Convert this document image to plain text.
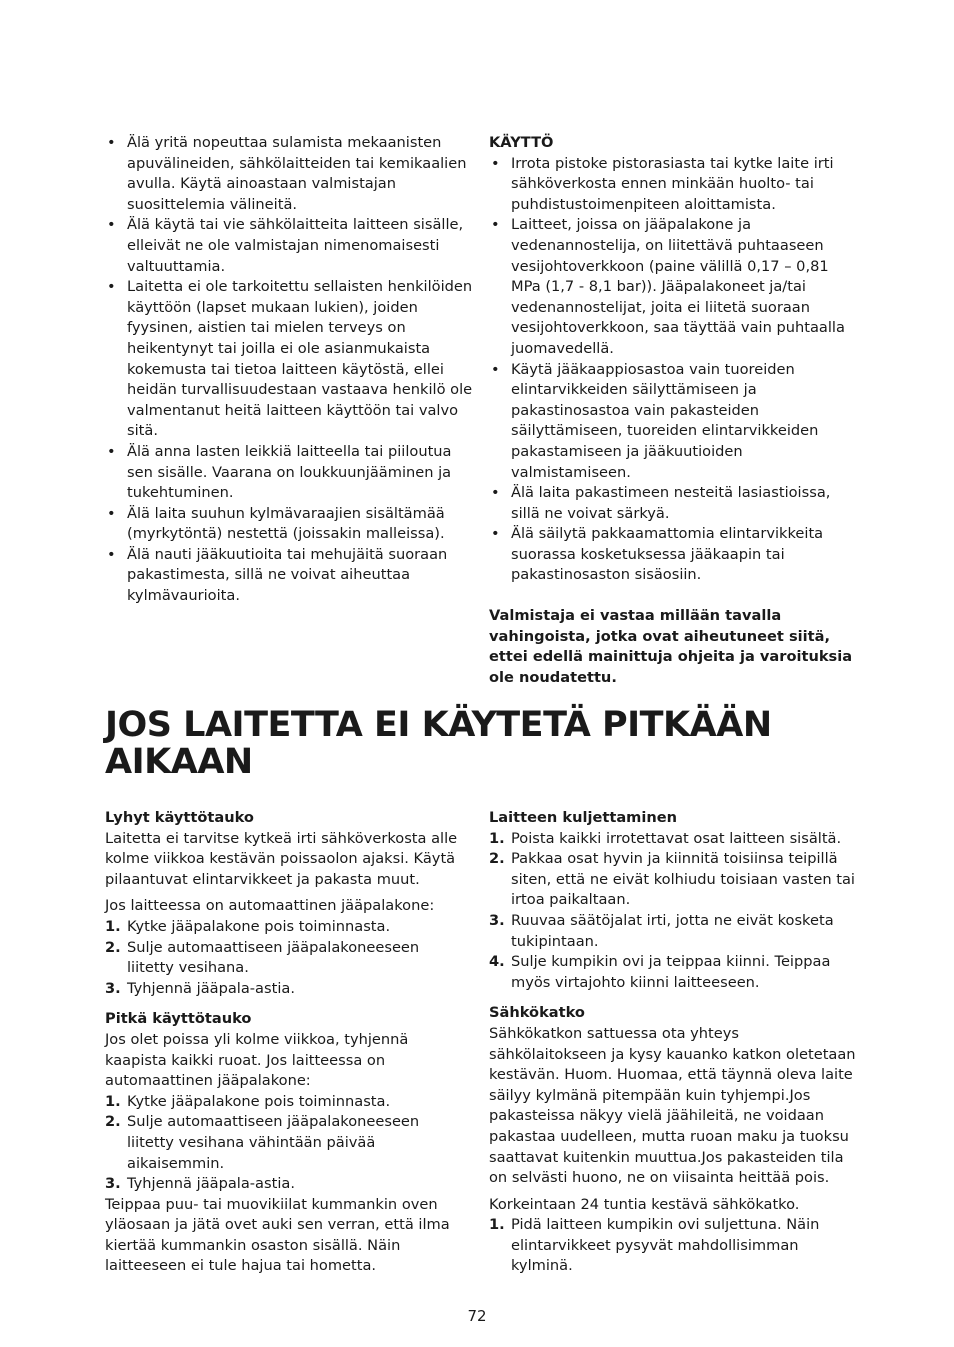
• Älä yritä nopeuttaa sulamista mekaanisten apuvälineiden, sähkölaitteiden tai kemikaalien avulla. Käytä ainoastaan valmistajan suosittelemia välineitä.
• Älä käytä tai vie sähkölaitteita laitteen sisälle, elleivät ne ole valmistajan nimenomaisesti valtuuttamia.
• Laitetta ei ole tarkoitettu sellaisten henkilöiden käyttöön (lapset mukaan lukien), joiden fyysinen, aistien tai mielen terveys on heikentynyt tai joilla ei ole asianmukaista kokemusta tai tietoa laitteen käytöstä, ellei heidän turvallisuudestaan vastaava henkilö ole valmentanut heitä laitteen käyttöön tai valvo sitä.
• Älä anna lasten leikkiä laitteella tai piiloutua sen sisälle. Vaarana on loukkuunjääminen ja tukehtuminen.
• Älä laita suuhun kylmävaraajien sisältämää (myrkytöntä) nestettä (joissakin malleissa).
• Älä nauti jääkuutioita tai mehujäitä suoraan pakastimesta, sillä ne voivat aiheuttaa kylmävaurioita.
KÄYTTÖ
• Irrota pistoke pistorasiasta tai kytke laite irti sähköverkosta ennen minkään huolto- tai puhdistustoimenpiteen aloittamista.
• Laitteet, joissa on jääpalakone ja vedenannostelija, on liitettävä puhtaaseen vesijohtoverkkoon (paine välillä 0,17 – 0,81 MPa (1,7 - 8,1 bar)). Jääpalakoneet ja/tai vedenannostelijat, joita ei liitetä suoraan vesijohtoverkkoon, saa täyttää vain puhtaalla juomavedellä.
• Käytä jääkaappiosastoa vain tuoreiden elintarvikkeiden säilyttämiseen ja pakastinosastoa vain pakasteiden säilyttämiseen, tuoreiden elintarvikkeiden pakastamiseen ja jääkuutioiden valmistamiseen.
• Älä laita pakastimeen nesteitä lasiastioissa, sillä ne voivat särkyä.
• Älä säilytä pakkaamattomia elintarvikkeita suorassa kosketuksessa jääkaapin tai pakastinosaston sisäosiin.

Valmistaja ei vastaa millään tavalla vahingoista, jotka ovat aiheutuneet siitä, ettei edellä mainittuja ohjeita ja varoituksia ole noudatettu.

JOS LAITETTA EI KÄYTETÄ PITKÄÄN AIKAAN
Lyhyt käyttötauko

Laitetta ei tarvitse kytkeä irti sähköverkosta alle kolme viikkoa kestävän poissaolon ajaksi. Käytä pilaantuvat elintarvikkeet ja pakasta muut.

Jos laitteessa on automaattinen jääpalakone:

1. Kytke jääpalakone pois toiminnasta.
2. Sulje automaattiseen jääpalakoneeseen liitetty vesihana.
3. Tyhjennä jääpala-astia.
Pitkä käyttötauko

Jos olet poissa yli kolme viikkoa, tyhjennä kaapista kaikki ruoat. Jos laitteessa on automaattinen jääpalakone:

1. Kytke jääpalakone pois toiminnasta.
2. Sulje automaattiseen jääpalakoneeseen liitetty vesihana vähintään päivää aikaisemmin.
3. Tyhjennä jääpala-astia.

Teippaa puu- tai muovikiilat kummankin oven yläosaan ja jätä ovet auki sen verran, että ilma kiertää kummankin osaston sisällä. Näin laitteeseen ei tule hajua tai hometta.

Laitteen kuljettaminen
1. Poista kaikki irrotettavat osat laitteen sisältä.
2. Pakkaa osat hyvin ja kiinnitä toisiinsa teipillä siten, että ne eivät kolhiudu toisiaan vasten tai irtoa paikaltaan.
3. Ruuvaa säätöjalat irti, jotta ne eivät kosketa tukipintaan.
4. Sulje kumpikin ovi ja teippaa kiinni. Teippaa myös virtajohto kiinni laitteeseen.
Sähkökatko

Sähkökatkon sattuessa ota yhteys sähkölaitokseen ja kysy kauanko katkon oletetaan kestävän. Huom. Huomaa, että täynnä oleva laite säilyy kylmänä pitempään kuin tyhjempi.Jos pakasteissa näkyy vielä jäähileitä, ne voidaan pakastaa uudelleen, mutta ruoan maku ja tuoksu saattavat kuitenkin muuttua.Jos pakasteiden tila on selvästi huono, ne on viisainta heittää pois.

Korkeintaan 24 tuntia kestävä sähkökatko.

1. Pidä laitteen kumpikin ovi suljettuna. Näin elintarvikkeet pysyvät mahdollisimman kylminä.
72
